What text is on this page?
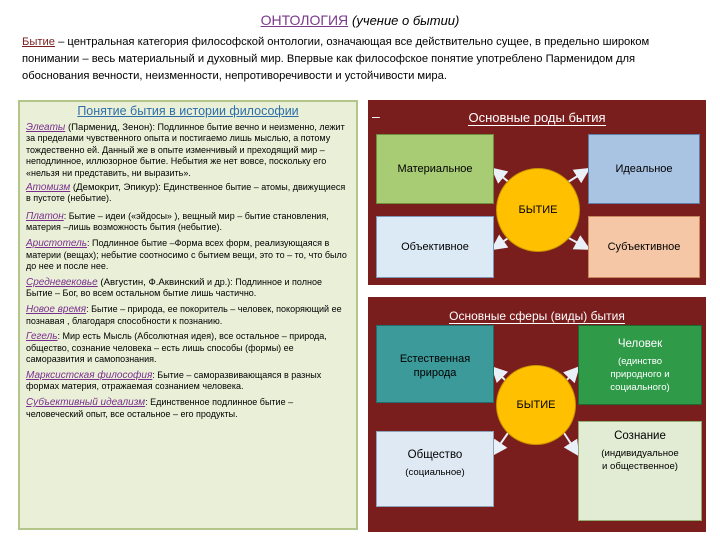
ОНТОЛОГИЯ (учение о бытии)
Бытие – центральная категория философской онтологии, означающая все действительно сущее, в предельно широком понимании – весь материальный и духовный мир. Впервые как философское понятие употреблено Парменидом для обоснования вечности, неизменности, непротиворечивости и устойчивости мира.
Понятие бытия в истории философии
Элеаты (Парменид, Зенон): Подлинное бытие вечно и неизменно, лежит за пределами чувственного опыта и постигаемо лишь мыслью, а потому тождественно ей. Данный же в опыте изменчивый и преходящий мир – неподлинное, иллюзорное бытие. Небытия же нет вовсе, поскольку его «нельзя ни представить, ни выразить».
Атомизм (Демокрит, Эпикур): Единственное бытие – атомы, движущиеся в пустоте (небытие).
Платон: Бытие – идеи («эйдосы» ), вещный мир – бытие становления, материя –лишь возможность бытия (небытие).
Аристотель: Подлинное бытие –Форма всех форм, реализующаяся в материи (вещах); небытие соотносимо с бытием вещи, это то – то, что было до нее и после нее.
Средневековье (Августин, Ф.Аквинский и др.): Подлинное и полное Бытие – Бог, во всем остальном бытие лишь частично.
Новое время: Бытие – природа, ее покоритель – человек, покоряющий ее познавая , благодаря способности к познанию.
Гегель: Мир есть Мысль (Абсолютная идея), все остальное – природа, общество, сознание человека – есть лишь способы (формы) ее саморазвития и самопознания.
Марксистская философия: Бытие – саморазвивающаяся в разных формах материя, отражаемая сознанием человека.
Субъективный идеализм: Единственное подлинное бытие – человеческий опыт, все остальное – его продукты.
–	Основные роды бытия
Материальное	Идеальное
Объективное	Субъективное
БЫТИЕ
Основные сферы (виды) бытия
Естественная природа
Общество
(социальное)
Человек
(единство природного и социального)
Сознание
(индивидуальное и общественное)
БЫТИЕ
